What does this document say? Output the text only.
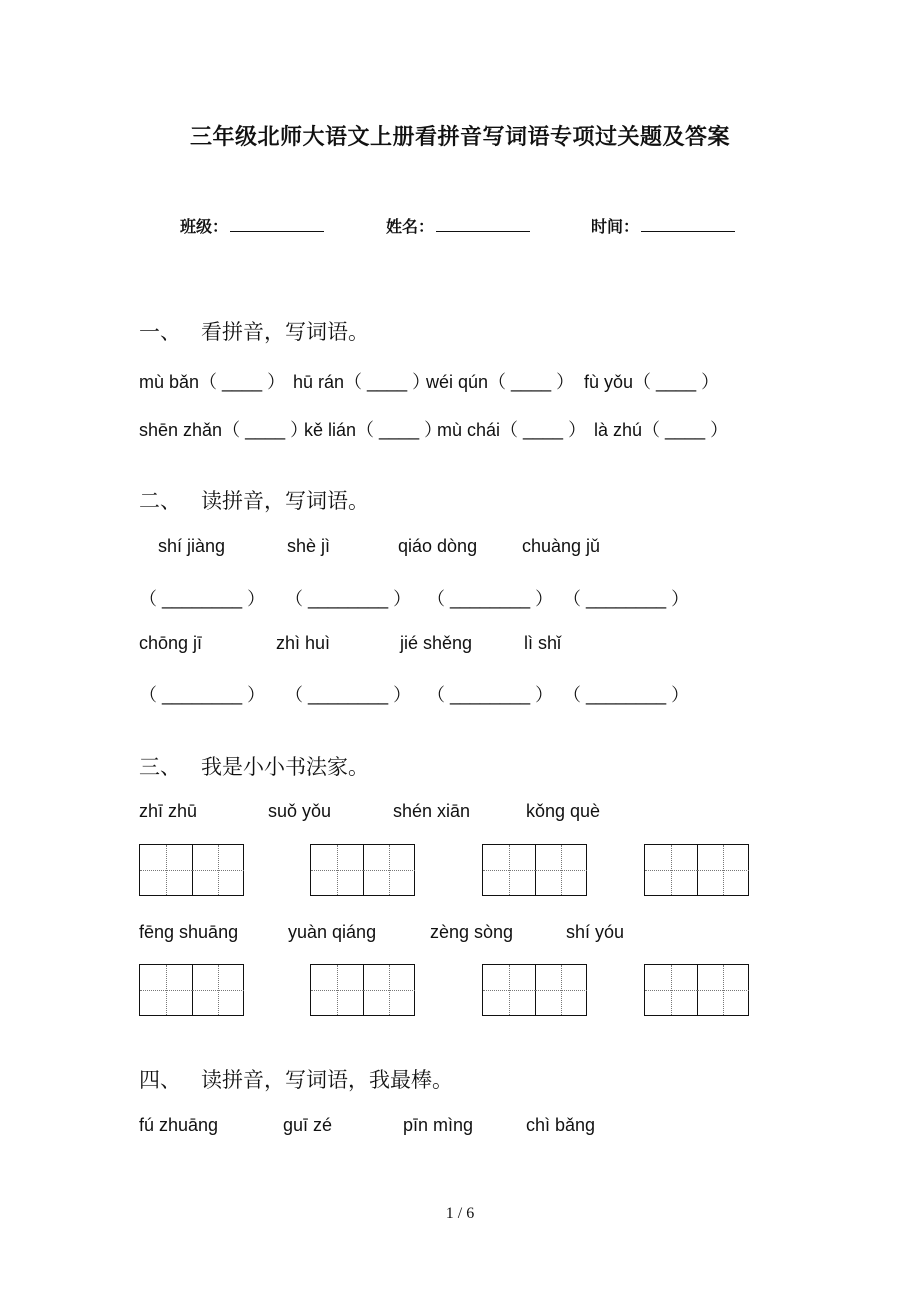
三年级北师大语文上册看拼音写词语专项过关题及答案
班级：	姓名：	时间：
一、 看拼音，写词语。
mù bǎn（ ____ ） hū rán（ ____ ）
wéi qún（ ____ ） fù yǒu（ ____ ）
shēn zhǎn（ ____ ）
kě lián（ ____ ）
mù chái（ ____ ） là zhú（ ____ ）
二、 读拼音，写词语。
shí jiàng	shè jì	qiáo dòng chuàng jǔ
（ ________ ） （ ________ ） （ ________ ） （ ________ ）
chōng jī	zhì huì	jié shěng	lì shǐ
（ ________ ） （ ________ ） （ ________ ） （ ________ ）
三、 我是小小书法家。
zhī zhū	suǒ yǒu	shén xiān	kǒng què
fēng shuāng	yuàn qiáng	zèng sòng	shí yóu
四、 读拼音，写词语，我最棒。
fú zhuāng	guī zé	pīn mìng	chì bǎng
1 / 6
